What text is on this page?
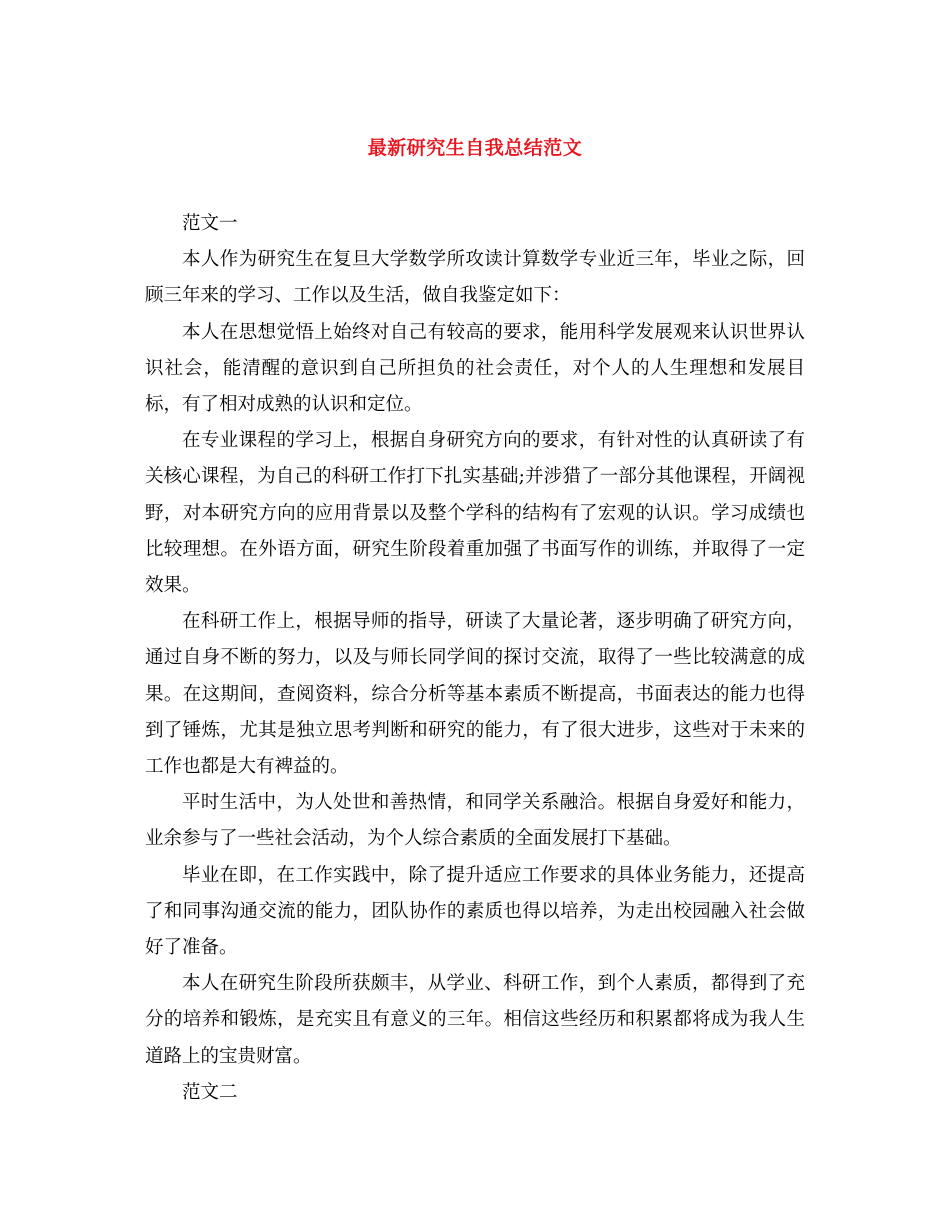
最新研究生自我总结范文

范文一

本人作为研究生在复旦大学数学所攻读计算数学专业近三年，毕业之际，回顾三年来的学习、工作以及生活，做自我鉴定如下：

本人在思想觉悟上始终对自己有较高的要求，能用科学发展观来认识世界认识社会，能清醒的意识到自己所担负的社会责任，对个人的人生理想和发展目标，有了相对成熟的认识和定位。

在专业课程的学习上，根据自身研究方向的要求，有针对性的认真研读了有关核心课程，为自己的科研工作打下扎实基础;并涉猎了一部分其他课程，开阔视野，对本研究方向的应用背景以及整个学科的结构有了宏观的认识。学习成绩也比较理想。在外语方面，研究生阶段着重加强了书面写作的训练，并取得了一定效果。

在科研工作上，根据导师的指导，研读了大量论著，逐步明确了研究方向，通过自身不断的努力，以及与师长同学间的探讨交流，取得了一些比较满意的成果。在这期间，查阅资料，综合分析等基本素质不断提高，书面表达的能力也得到了锤炼，尤其是独立思考判断和研究的能力，有了很大进步，这些对于未来的工作也都是大有裨益的。

平时生活中，为人处世和善热情，和同学关系融洽。根据自身爱好和能力，业余参与了一些社会活动，为个人综合素质的全面发展打下基础。

毕业在即，在工作实践中，除了提升适应工作要求的具体业务能力，还提高了和同事沟通交流的能力，团队协作的素质也得以培养，为走出校园融入社会做好了准备。

本人在研究生阶段所获颇丰，从学业、科研工作，到个人素质，都得到了充分的培养和锻炼，是充实且有意义的三年。相信这些经历和积累都将成为我人生道路上的宝贵财富。

范文二
